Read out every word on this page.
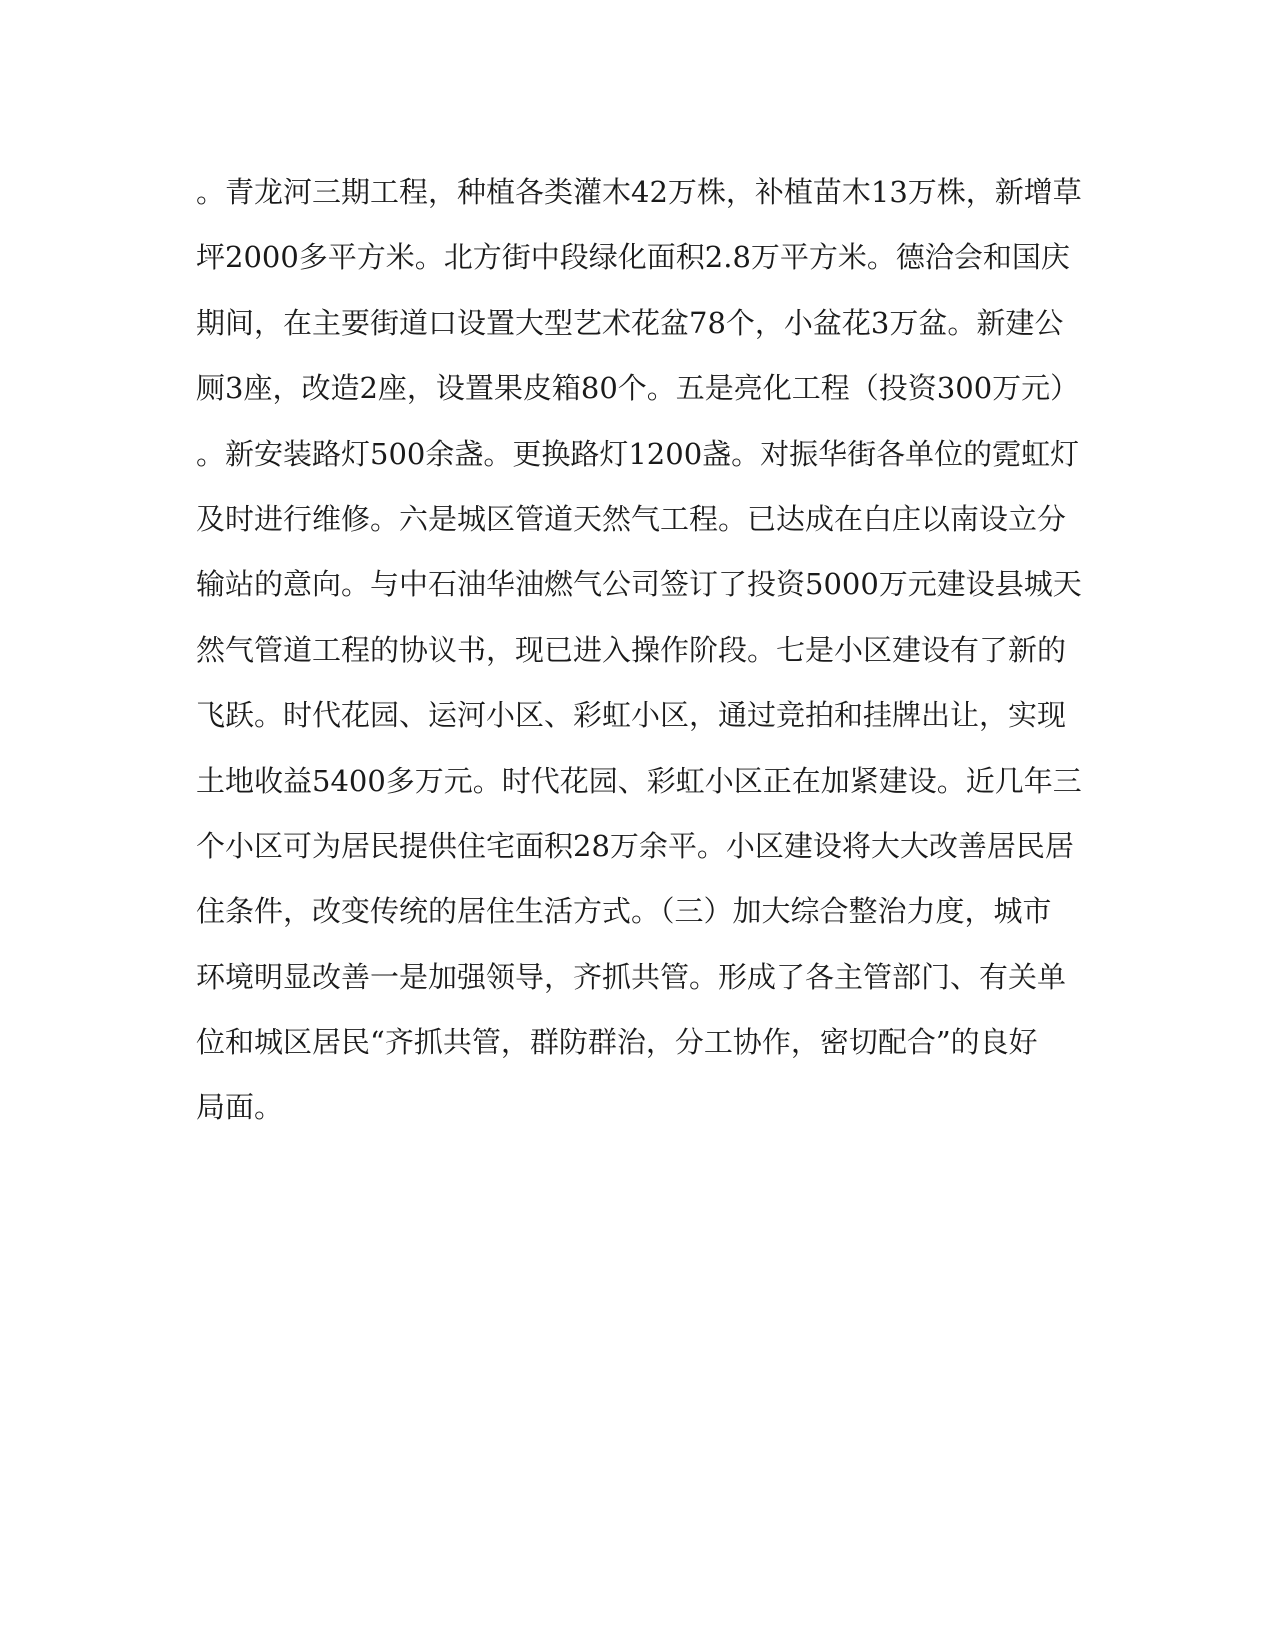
。青龙河三期工程，种植各类灌木42万株，补植苗木13万株，新增草
坪2000多平方米。北方街中段绿化面积2.8万平方米。德洽会和国庆
期间，在主要街道口设置大型艺术花盆78个，小盆花3万盆。新建公
厕3座，改造2座，设置果皮箱80个。五是亮化工程（投资300万元）
。新安装路灯500余盏。更换路灯1200盏。对振华街各单位的霓虹灯
及时进行维修。六是城区管道天然气工程。已达成在白庄以南设立分
输站的意向。与中石油华油燃气公司签订了投资5000万元建设县城天
然气管道工程的协议书，现已进入操作阶段。七是小区建设有了新的
飞跃。时代花园、运河小区、彩虹小区，通过竞拍和挂牌出让，实现
土地收益5400多万元。时代花园、彩虹小区正在加紧建设。近几年三
个小区可为居民提供住宅面积28万余平。小区建设将大大改善居民居
住条件，改变传统的居住生活方式。（三）加大综合整治力度，城市
环境明显改善一是加强领导，齐抓共管。形成了各主管部门、有关单
位和城区居民“齐抓共管，群防群治，分工协作，密切配合”的良好
局面。
